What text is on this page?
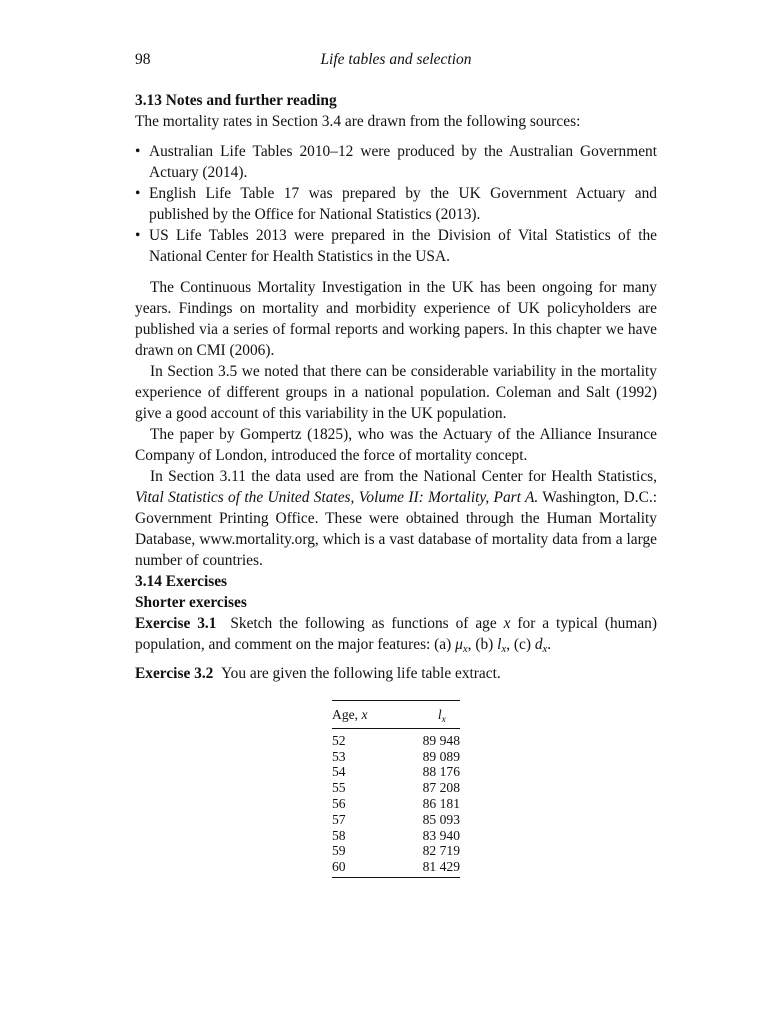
98	Life tables and selection

3.13 Notes and further reading

The mortality rates in Section 3.4 are drawn from the following sources:

• Australian Life Tables 2010–12 were produced by the Australian Government Actuary (2014).
• English Life Table 17 was prepared by the UK Government Actuary and published by the Office for National Statistics (2013).
• US Life Tables 2013 were prepared in the Division of Vital Statistics of the National Center for Health Statistics in the USA.

The Continuous Mortality Investigation in the UK has been ongoing for many years. Findings on mortality and morbidity experience of UK policyholders are published via a series of formal reports and working papers. In this chapter we have drawn on CMI (2006).

In Section 3.5 we noted that there can be considerable variability in the mortality experience of different groups in a national population. Coleman and Salt (1992) give a good account of this variability in the UK population.

The paper by Gompertz (1825), who was the Actuary of the Alliance Insurance Company of London, introduced the force of mortality concept.

In Section 3.11 the data used are from the National Center for Health Statistics, Vital Statistics of the United States, Volume II: Mortality, Part A. Washington, D.C.: Government Printing Office. These were obtained through the Human Mortality Database, www.mortality.org, which is a vast database of mortality data from a large number of countries.

3.14 Exercises

Shorter exercises

Exercise 3.1 Sketch the following as functions of age x for a typical (human) population, and comment on the major features: (a) $\mu_x$, (b) $l_x$, (c) $d_x$.

Exercise 3.2 You are given the following life table extract.

Age, x	$l_x$
52	89 948
53	89 089
54	88 176
55	87 208
56	86 181
57	85 093
58	83 940
59	82 719
60	81 429
